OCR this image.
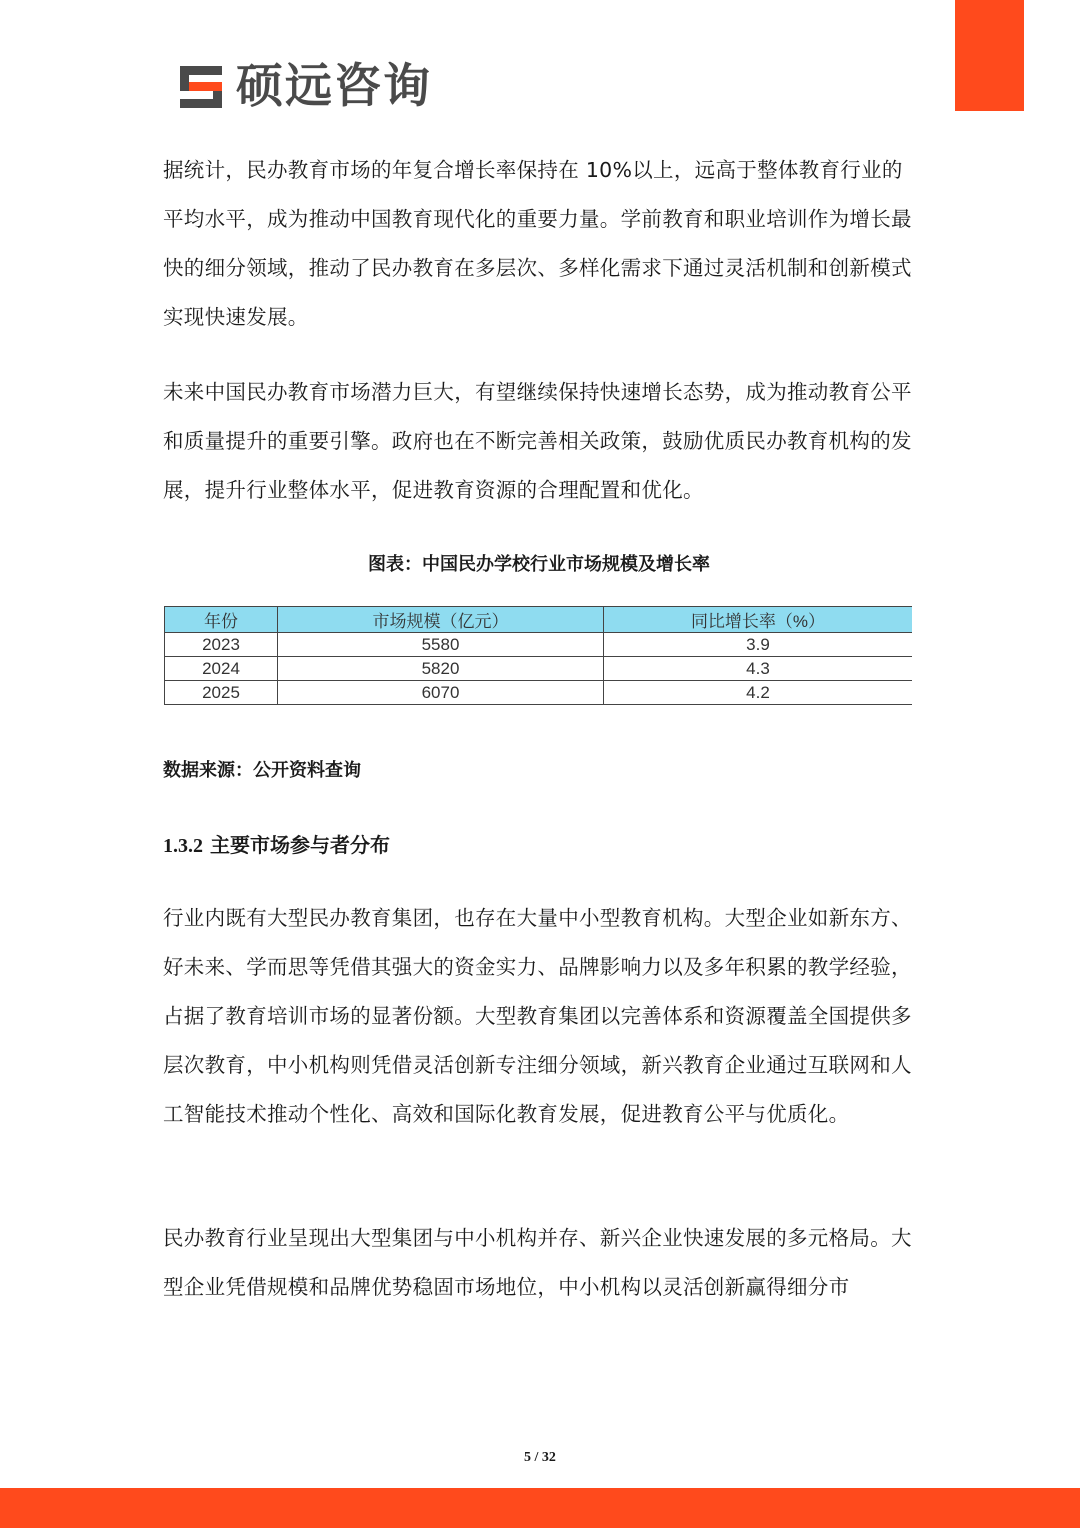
硕远咨询

据统计，民办教育市场的年复合增长率保持在 10%以上，远高于整体教育行业的平均水平，成为推动中国教育现代化的重要力量。学前教育和职业培训作为增长最快的细分领域，推动了民办教育在多层次、多样化需求下通过灵活机制和创新模式实现快速发展。

未来中国民办教育市场潜力巨大，有望继续保持快速增长态势，成为推动教育公平和质量提升的重要引擎。政府也在不断完善相关政策，鼓励优质民办教育机构的发展，提升行业整体水平，促进教育资源的合理配置和优化。

图表：中国民办学校行业市场规模及增长率
年份	市场规模（亿元）	同比增长率（%）
2023	5580	3.9
2024	5820	4.3
2025	6070	4.2
数据来源：公开资料查询
1.3.2 主要市场参与者分布

行业内既有大型民办教育集团，也存在大量中小型教育机构。大型企业如新东方、好未来、学而思等凭借其强大的资金实力、品牌影响力以及多年积累的教学经验，占据了教育培训市场的显著份额。大型教育集团以完善体系和资源覆盖全国提供多层次教育，中小机构则凭借灵活创新专注细分领域，新兴教育企业通过互联网和人工智能技术推动个性化、高效和国际化教育发展，促进教育公平与优质化。

民办教育行业呈现出大型集团与中小机构并存、新兴企业快速发展的多元格局。大型企业凭借规模和品牌优势稳固市场地位，中小机构以灵活创新赢得细分市

5 / 32
